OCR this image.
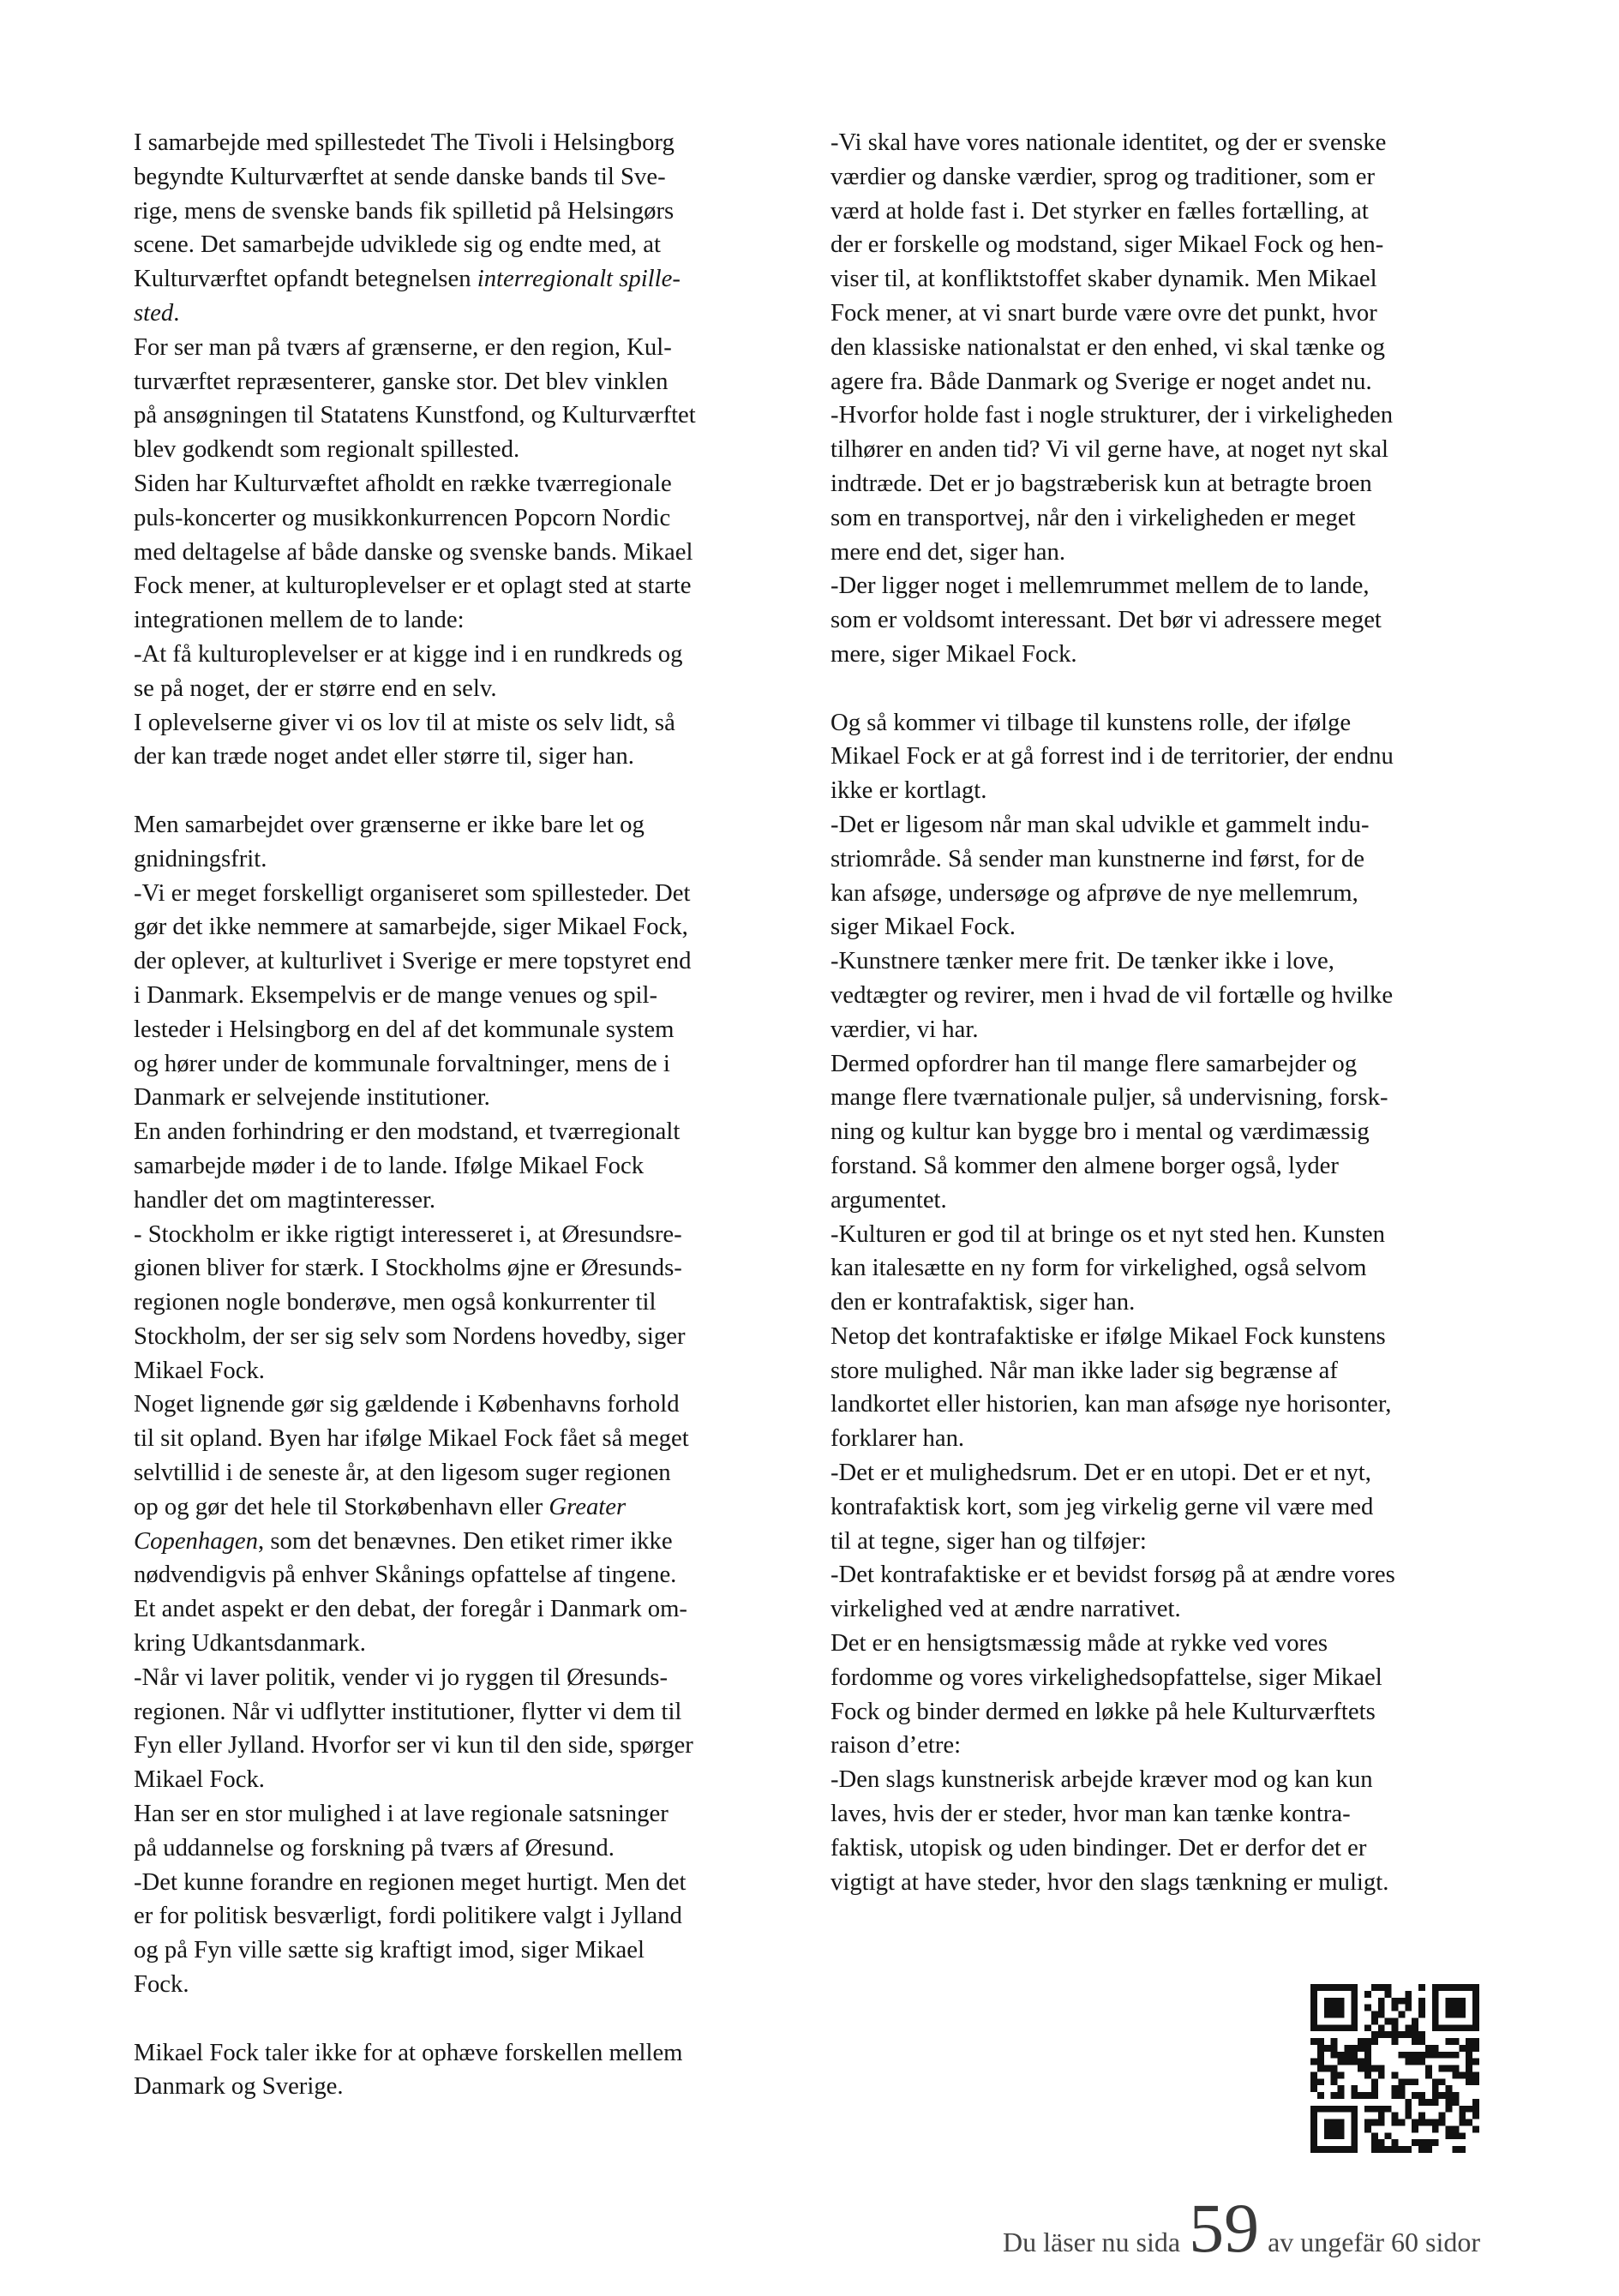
I samarbejde med spillestedet The Tivoli i Helsingborg
begyndte Kulturværftet at sende danske bands til Sve-
rige, mens de svenske bands fik spilletid på Helsingørs
scene. Det samarbejde udviklede sig og endte med, at
Kulturværftet opfandt betegnelsen interregionalt spille-
sted.

For ser man på tværs af grænserne, er den region, Kul-
turværftet repræsenterer, ganske stor. Det blev vinklen
på ansøgningen til Statatens Kunstfond, og Kulturværftet
blev godkendt som regionalt spillested.

Siden har Kulturvæftet afholdt en række tværregionale
puls-koncerter og musikkonkurrencen Popcorn Nordic
med deltagelse af både danske og svenske bands. Mikael
Fock mener, at kulturoplevelser er et oplagt sted at starte
integrationen mellem de to lande:

-At få kulturoplevelser er at kigge ind i en rundkreds og
se på noget, der er større end en selv.

I oplevelserne giver vi os lov til at miste os selv lidt, så
der kan træde noget andet eller større til, siger han.

Men samarbejdet over grænserne er ikke bare let og
gnidningsfrit.

-Vi er meget forskelligt organiseret som spillesteder. Det
gør det ikke nemmere at samarbejde, siger Mikael Fock,
der oplever, at kulturlivet i Sverige er mere topstyret end
i Danmark. Eksempelvis er de mange venues og spil-
lesteder i Helsingborg en del af det kommunale system
og hører under de kommunale forvaltninger, mens de i
Danmark er selvejende institutioner.

En anden forhindring er den modstand, et tværregionalt
samarbejde møder i de to lande. Ifølge Mikael Fock
handler det om magtinteresser.

- Stockholm er ikke rigtigt interesseret i, at Øresundsre-
gionen bliver for stærk. I Stockholms øjne er Øresunds-
regionen nogle bonderøve, men også konkurrenter til
Stockholm, der ser sig selv som Nordens hovedby, siger
Mikael Fock.

Noget lignende gør sig gældende i Københavns forhold
til sit opland. Byen har ifølge Mikael Fock fået så meget
selvtillid i de seneste år, at den ligesom suger regionen
op og gør det hele til Storkøbenhavn eller Greater
Copenhagen, som det benævnes. Den etiket rimer ikke
nødvendigvis på enhver Skånings opfattelse af tingene.

Et andet aspekt er den debat, der foregår i Danmark om-
kring Udkantsdanmark.

-Når vi laver politik, vender vi jo ryggen til Øresunds-
regionen. Når vi udflytter institutioner, flytter vi dem til
Fyn eller Jylland. Hvorfor ser vi kun til den side, spørger
Mikael Fock.

Han ser en stor mulighed i at lave regionale satsninger
på uddannelse og forskning på tværs af Øresund.

-Det kunne forandre en regionen meget hurtigt. Men det
er for politisk besværligt, fordi politikere valgt i Jylland
og på Fyn ville sætte sig kraftigt imod, siger Mikael
Fock.

Mikael Fock taler ikke for at ophæve forskellen mellem
Danmark og Sverige.

-Vi skal have vores nationale identitet, og der er svenske
værdier og danske værdier, sprog og traditioner, som er
værd at holde fast i. Det styrker en fælles fortælling, at
der er forskelle og modstand, siger Mikael Fock og hen-
viser til, at konfliktstoffet skaber dynamik. Men Mikael
Fock mener, at vi snart burde være ovre det punkt, hvor
den klassiske nationalstat er den enhed, vi skal tænke og
agere fra. Både Danmark og Sverige er noget andet nu.

-Hvorfor holde fast i nogle strukturer, der i virkeligheden
tilhører en anden tid? Vi vil gerne have, at noget nyt skal
indtræde. Det er jo bagstræberisk kun at betragte broen
som en transportvej, når den i virkeligheden er meget
mere end det, siger han.

-Der ligger noget i mellemrummet mellem de to lande,
som er voldsomt interessant. Det bør vi adressere meget
mere, siger Mikael Fock.

Og så kommer vi tilbage til kunstens rolle, der ifølge
Mikael Fock er at gå forrest ind i de territorier, der endnu
ikke er kortlagt.

-Det er ligesom når man skal udvikle et gammelt indu-
striområde. Så sender man kunstnerne ind først, for de
kan afsøge, undersøge og afprøve de nye mellemrum,
siger Mikael Fock.

-Kunstnere tænker mere frit. De tænker ikke i love,
vedtægter og revirer, men i hvad de vil fortælle og hvilke
værdier, vi har.

Dermed opfordrer han til mange flere samarbejder og
mange flere tværnationale puljer, så undervisning, forsk-
ning og kultur kan bygge bro i mental og værdimæssig
forstand. Så kommer den almene borger også, lyder
argumentet.

-Kulturen er god til at bringe os et nyt sted hen. Kunsten
kan italesætte en ny form for virkelighed, også selvom
den er kontrafaktisk, siger han.

Netop det kontrafaktiske er ifølge Mikael Fock kunstens
store mulighed. Når man ikke lader sig begrænse af
landkortet eller historien, kan man afsøge nye horisonter,
forklarer han.

-Det er et mulighedsrum. Det er en utopi. Det er et nyt,
kontrafaktisk kort, som jeg virkelig gerne vil være med
til at tegne, siger han og tilføjer:

-Det kontrafaktiske er et bevidst forsøg på at ændre vores
virkelighed ved at ændre narrativet.

Det er en hensigtsmæssig måde at rykke ved vores
fordomme og vores virkelighedsopfattelse, siger Mikael
Fock og binder dermed en løkke på hele Kulturværftets
raison d’etre:

-Den slags kunstnerisk arbejde kræver mod og kan kun
laves, hvis der er steder, hvor man kan tænke kontra-
faktisk, utopisk og uden bindinger. Det er derfor det er
vigtigt at have steder, hvor den slags tænkning er muligt.

Du läser nu sida 59 av ungefär 60 sidor
